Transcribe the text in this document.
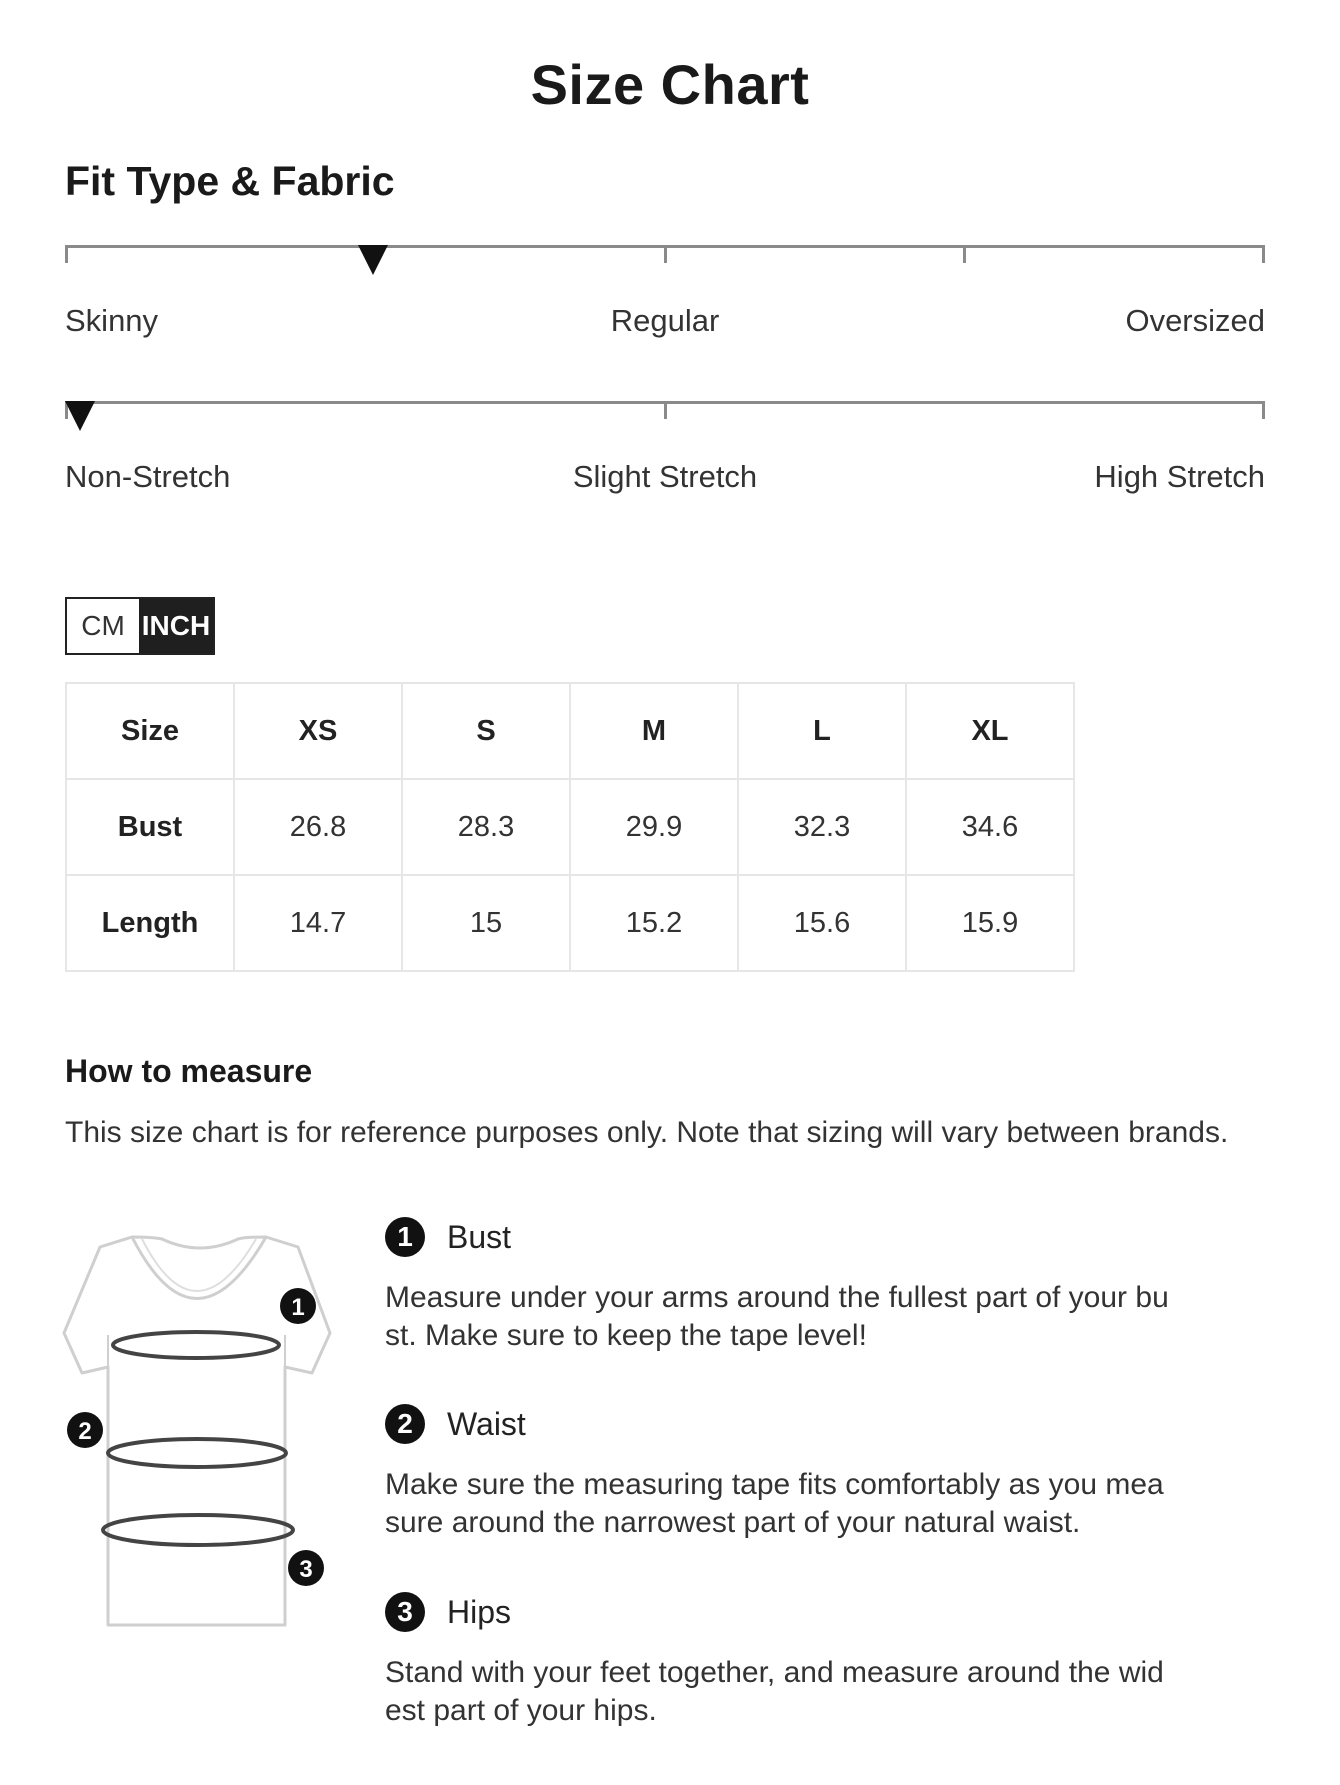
Size Chart
Fit Type & Fabric
Skinny	Regular	Oversized
Non-Stretch	Slight Stretch	High Stretch
CM INCH
Size	XS	S	M	L	XL
Bust	26.8	28.3	29.9	32.3	34.6
Length	14.7	15	15.2	15.6	15.9
How to measure
This size chart is for reference purposes only. Note that sizing will vary between brands.
1
2
3
1	Bust
Measure under your arms around the fullest part of your bust. Make sure to keep the tape level!
2	Waist
Make sure the measuring tape fits comfortably as you measure around the narrowest part of your natural waist.
3	Hips
Stand with your feet together, and measure around the widest part of your hips.
